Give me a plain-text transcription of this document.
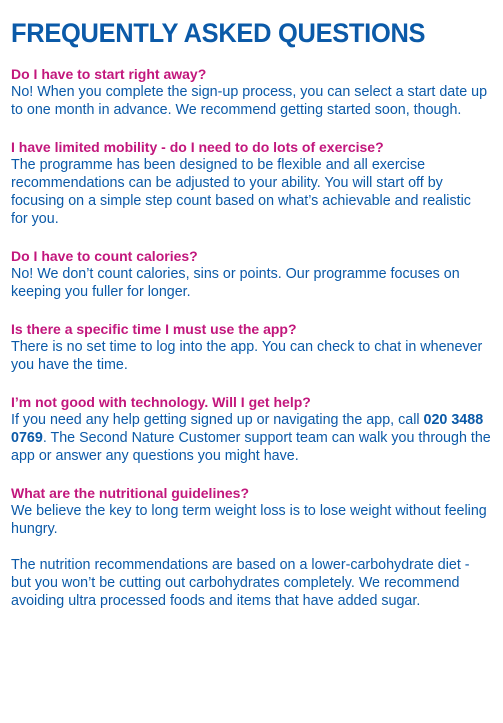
FREQUENTLY ASKED QUESTIONS

Do I have to start right away?

No! When you complete the sign-up process, you can select a start date up to one month in advance. We recommend getting started soon, though.

I have limited mobility - do I need to do lots of exercise?

The programme has been designed to be flexible and all exercise recommendations can be adjusted to your ability. You will start off by focusing on a simple step count based on what’s achievable and realistic for you.

Do I have to count calories?

No! We don’t count calories, sins or points. Our programme focuses on keeping you fuller for longer.

Is there a specific time I must use the app?

There is no set time to log into the app. You can check to chat in whenever you have the time.

I’m not good with technology. Will I get help?

If you need any help getting signed up or navigating the app, call 020 3488 0769. The Second Nature Customer support team can walk you through the app or answer any questions you might have.

What are the nutritional guidelines?

We believe the key to long term weight loss is to lose weight without feeling hungry.

The nutrition recommendations are based on a lower-carbohydrate diet - but you won’t be cutting out carbohydrates completely. We recommend avoiding ultra processed foods and items that have added sugar.
